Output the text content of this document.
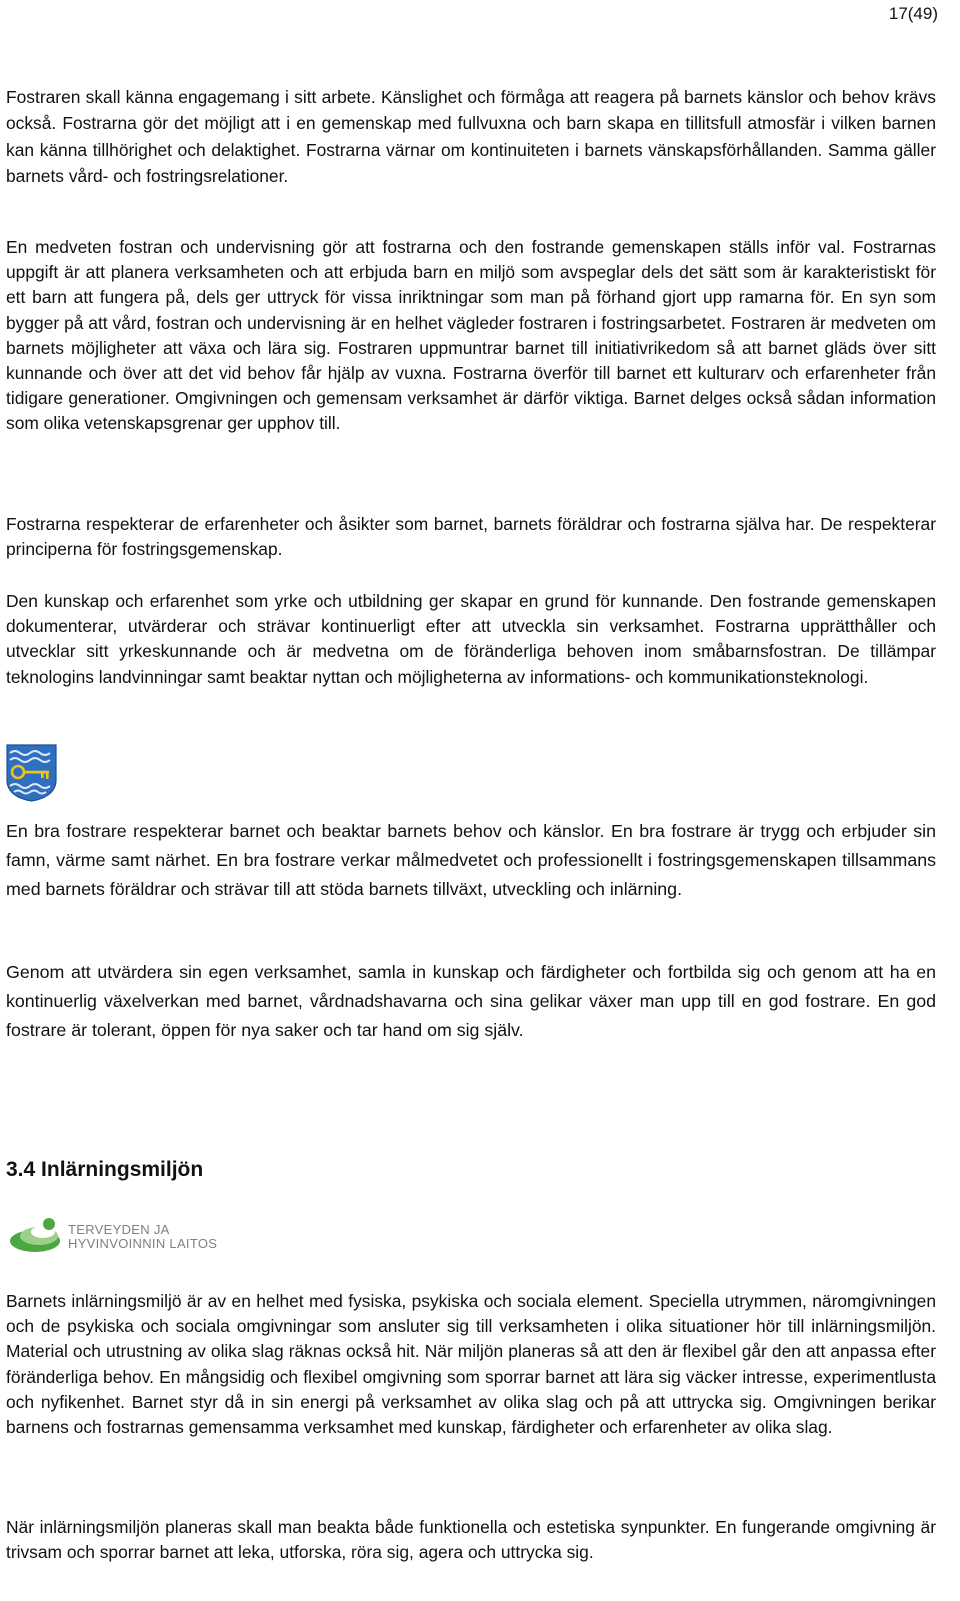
17(49)

Fostraren skall känna engagemang i sitt arbete. Känslighet och förmåga att reagera på barnets känslor och behov krävs också. Fostrarna gör det möjligt att i en gemenskap med fullvuxna och barn skapa en tillitsfull atmosfär i vilken barnen kan känna tillhörighet och delaktighet. Fostrarna värnar om kontinuiteten i barnets vänskapsförhållanden. Samma gäller barnets vård- och fostringsrelationer.

En medveten fostran och undervisning gör att fostrarna och den fostrande gemenskapen ställs inför val. Fostrarnas uppgift är att planera verksamheten och att erbjuda barn en miljö som avspeglar dels det sätt som är karakteristiskt för ett barn att fungera på, dels ger uttryck för vissa inriktningar som man på förhand gjort upp ramarna för. En syn som bygger på att vård, fostran och undervisning är en helhet vägleder fostraren i fostringsarbetet. Fostraren är medveten om barnets möjligheter att växa och lära sig. Fostraren uppmuntrar barnet till initiativrikedom så att barnet gläds över sitt kunnande och över att det vid behov får hjälp av vuxna. Fostrarna överför till barnet ett kulturarv och erfarenheter från tidigare generationer. Omgivningen och gemensam verksamhet är därför viktiga. Barnet delges också sådan information som olika vetenskapsgrenar ger upphov till.

Fostrarna respekterar de erfarenheter och åsikter som barnet, barnets föräldrar och fostrarna själva har. De respekterar principerna för fostringsgemenskap.

Den kunskap och erfarenhet som yrke och utbildning ger skapar en grund för kunnande. Den fostrande gemenskapen dokumenterar, utvärderar och strävar kontinuerligt efter att utveckla sin verksamhet. Fostrarna upprätthåller och utvecklar sitt yrkeskunnande och är medvetna om de föränderliga behoven inom småbarnsfostran. De tillämpar teknologins landvinningar samt beaktar nyttan och möjligheterna av informations- och kommunikationsteknologi.

En bra fostrare respekterar barnet och beaktar barnets behov och känslor. En bra fostrare är trygg och erbjuder sin famn, värme samt närhet. En bra fostrare verkar målmedvetet och professionellt i fostringsgemenskapen tillsammans med barnets föräldrar och strävar till att stöda barnets tillväxt, utveckling och inlärning.

Genom att utvärdera sin egen verksamhet, samla in kunskap och färdigheter och fortbilda sig och genom att ha en kontinuerlig växelverkan med barnet, vårdnadshavarna och sina gelikar växer man upp till en god fostrare. En god fostrare är tolerant, öppen för nya saker och tar hand om sig själv.

3.4 Inlärningsmiljön
TERVEYDEN JA
HYVINVOINNIN LAITOS

Barnets inlärningsmiljö är av en helhet med fysiska, psykiska och sociala element. Speciella utrymmen, näromgivningen och de psykiska och sociala omgivningar som ansluter sig till verksamheten i olika situationer hör till inlärningsmiljön. Material och utrustning av olika slag räknas också hit. När miljön planeras så att den är flexibel går den att anpassa efter föränderliga behov. En mångsidig och flexibel omgivning som sporrar barnet att lära sig väcker intresse, experimentlusta och nyfikenhet. Barnet styr då in sin energi på verksamhet av olika slag och på att uttrycka sig. Omgivningen berikar barnens och fostrarnas gemensamma verksamhet med kunskap, färdigheter och erfarenheter av olika slag.

När inlärningsmiljön planeras skall man beakta både funktionella och estetiska synpunkter. En fungerande omgivning är trivsam och sporrar barnet att leka, utforska, röra sig, agera och uttrycka sig.
